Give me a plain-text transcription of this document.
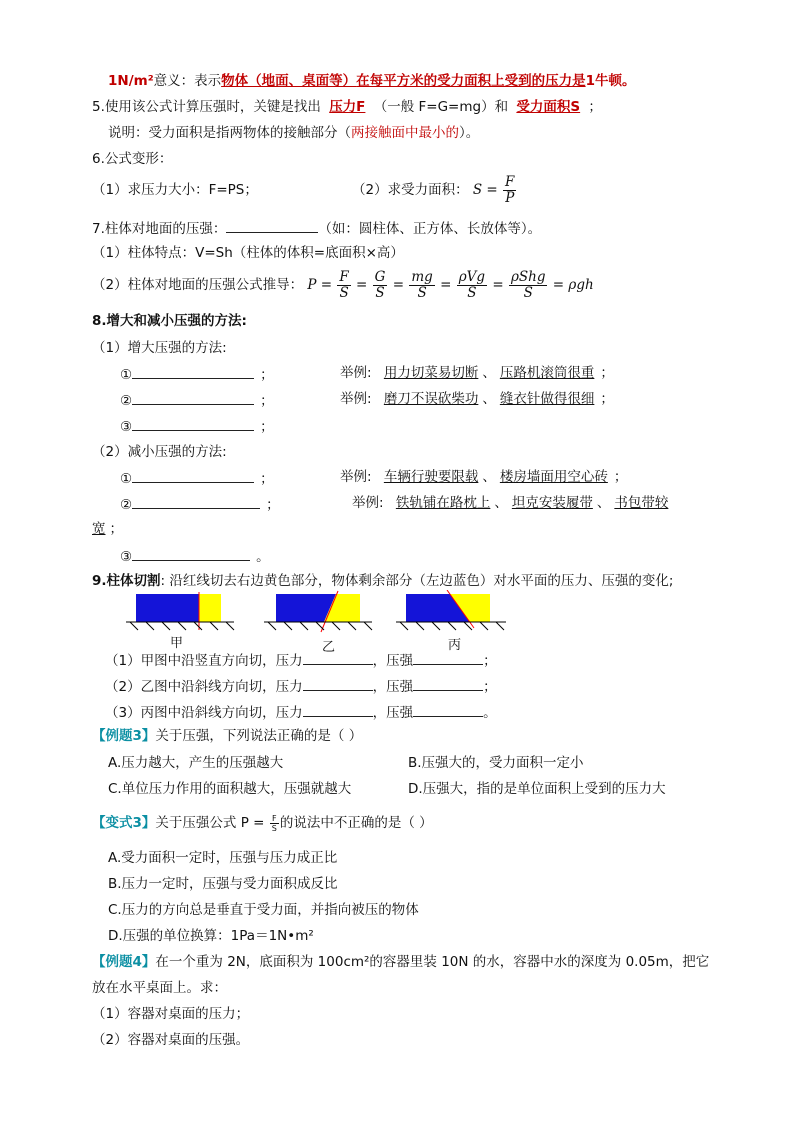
1N/m²意义：表示物体（地面、桌面等）在每平方米的受力面积上受到的压力是1牛顿。
5.使用该公式计算压强时，关键是找出 压力F （一般 F=G=mg）和 受力面积S ；
说明：受力面积是指两物体的接触部分（两接触面中最小的）。
6.公式变形：
（1）求压力大小：F=PS；	（2）求受力面积： $S = \frac{F}{P}$
7.柱体对地面的压强：	（如：圆柱体、正方体、长放体等）。
（1）柱体特点：V=Sh（柱体的体积=底面积×高）
（2）柱体对地面的压强公式推导： $P = \frac{F}{S} = \frac{G}{S} = \frac{mg}{S} = \frac{\text{ρVg}}{S} = \frac{\text{ρShg}}{S} = \rho gh$
8.增大和减小压强的方法:
（1）增大压强的方法:
①	；	举例: 用力切菜易切断 、 压路机滚筒很重 ；
②	；	举例: 磨刀不误砍柴功 、 缝衣针做得很细 ；
③	；
（2）减小压强的方法:
①	；	举例: 车辆行驶要限载 、 楼房墙面用空心砖 ；
②	；	举例: 铁轨铺在路枕上 、 坦克安装履带 、 书包带较
宽 ；
③	。
9.柱体切割: 沿红线切去右边黄色部分，物体剩余部分（左边蓝色）对水平面的压力、压强的变化;
甲	乙	丙
（1）甲图中沿竖直方向切，压力	，压强	；
（2）乙图中沿斜线方向切，压力	，压强	；
（3）丙图中沿斜线方向切，压力	，压强	。
【例题3】关于压强，下列说法正确的是（ ）
A.压力越大，产生的压强越大	B.压强大的，受力面积一定小
C.单位压力作用的面积越大，压强就越大	D.压强大，指的是单位面积上受到的压力大
【变式3】关于压强公式 $P = \frac{F}{S}$ 的说法中不正确的是（ ）
A.受力面积一定时，压强与压力成正比
B.压力一定时，压强与受力面积成反比
C.压力的方向总是垂直于受力面，并指向被压的物体
D.压强的单位换算：1Pa＝1N•m²
【例题4】在一个重为 2N，底面积为 100cm²的容器里装 10N 的水，容器中水的深度为 0.05m，把它
放在水平桌面上。求：
（1）容器对桌面的压力；
（2）容器对桌面的压强。
